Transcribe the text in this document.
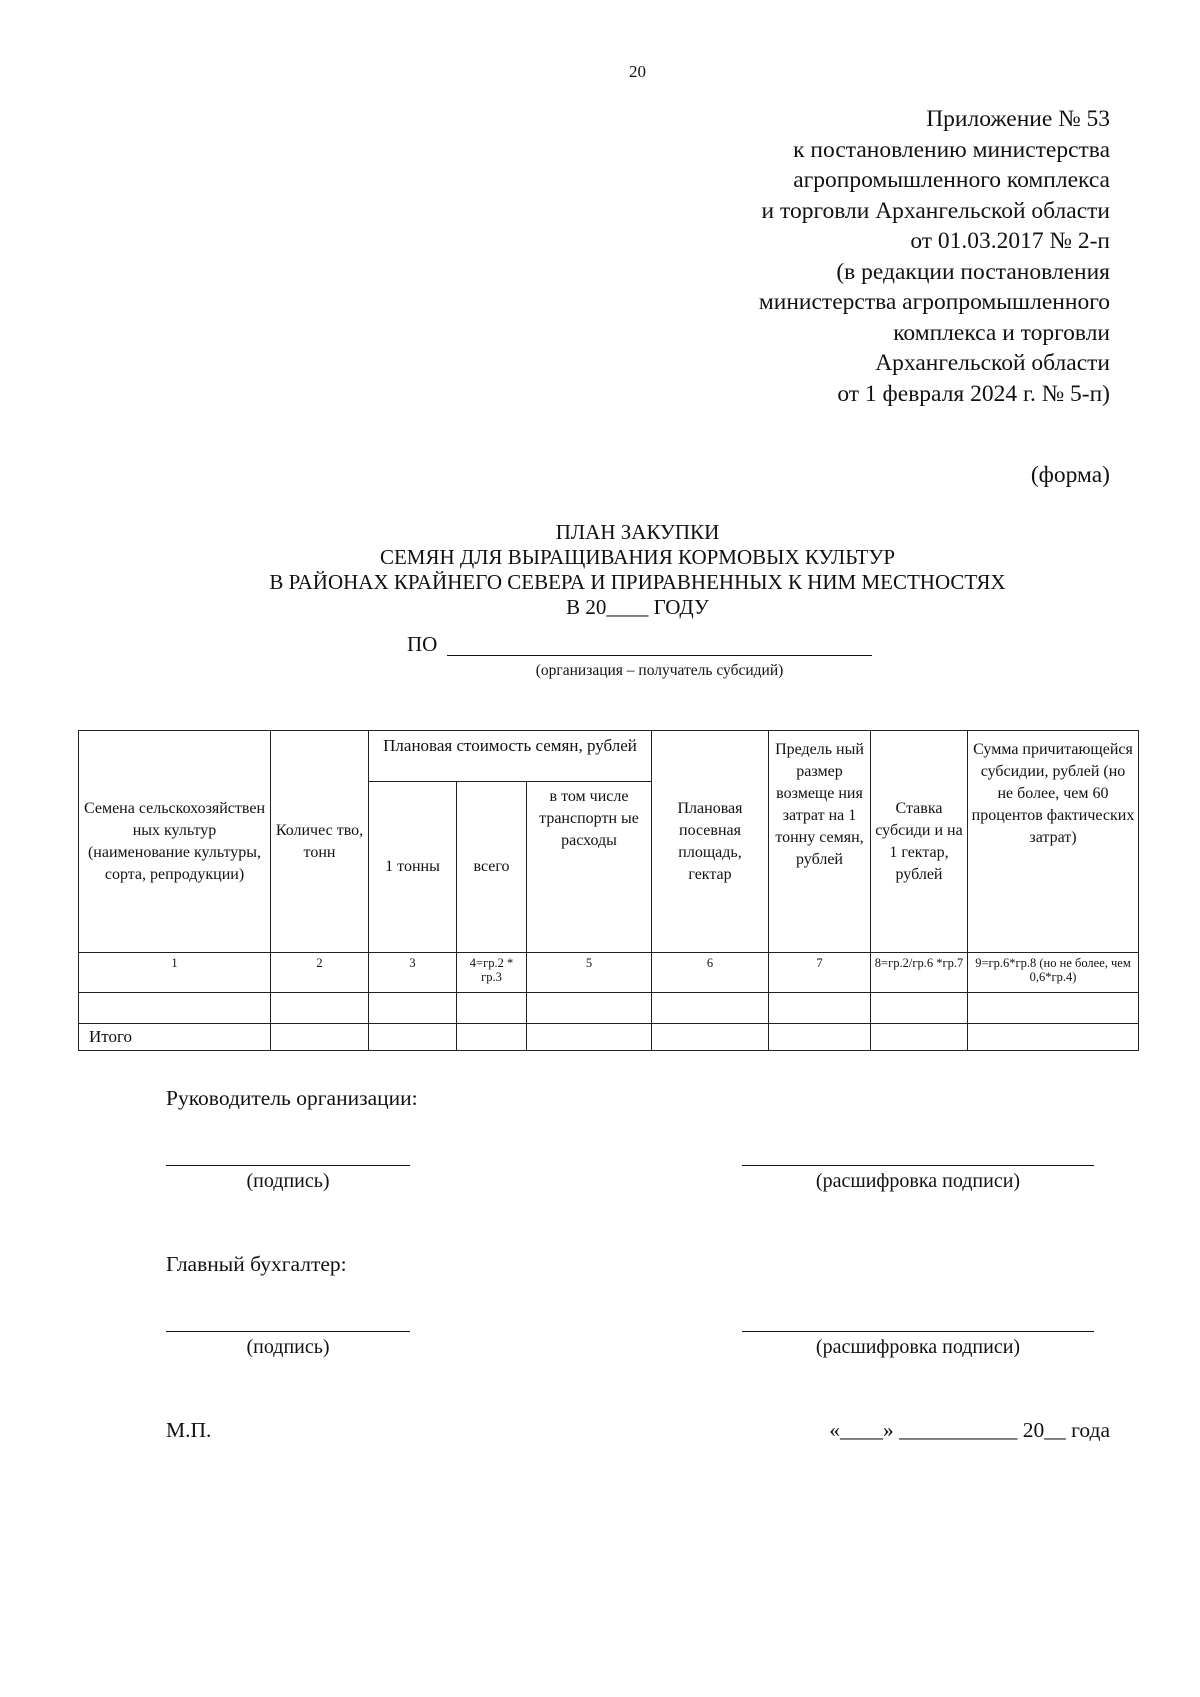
20
Приложение № 53
к постановлению министерства
агропромышленного комплекса
и торговли Архангельской области
от 01.03.2017 № 2-п
(в редакции постановления
министерства агропромышленного
комплекса и торговли
Архангельской области
от 1 февраля 2024 г. № 5-п)
(форма)
ПЛАН ЗАКУПКИ
СЕМЯН ДЛЯ ВЫРАЩИВАНИЯ КОРМОВЫХ КУЛЬТУР
В РАЙОНАХ КРАЙНЕГО СЕВЕРА И ПРИРАВНЕННЫХ К НИМ МЕСТНОСТЯХ
В 20____ ГОДУ
ПО
(организация – получатель субсидий)
Семена сельскохозяйствен ных культур (наименование культуры, сорта, репродукции)	Количес тво, тонн	Плановая стоимость семян, рублей			Плановая посевная площадь, гектар	Предель ный размер возмеще ния затрат на 1 тонну семян, рублей	Ставка субсиди и на 1 гектар, рублей	Сумма причитающейся субсидии, рублей (но не более, чем 60 процентов фактических затрат)
		1 тонны	всего	в том числе транспортн ые расходы				
1	2	3	4=гр.2 * гр.3	5	6	7	8=гр.2/гр.6 *гр.7	9=гр.6*гр.8 (но не более, чем 0,6*гр.4)

Итого								
Руководитель организации:
(подпись)	(расшифровка подписи)
Главный бухгалтер:
(подпись)	(расшифровка подписи)
М.П.	«____» ___________ 20__ года
